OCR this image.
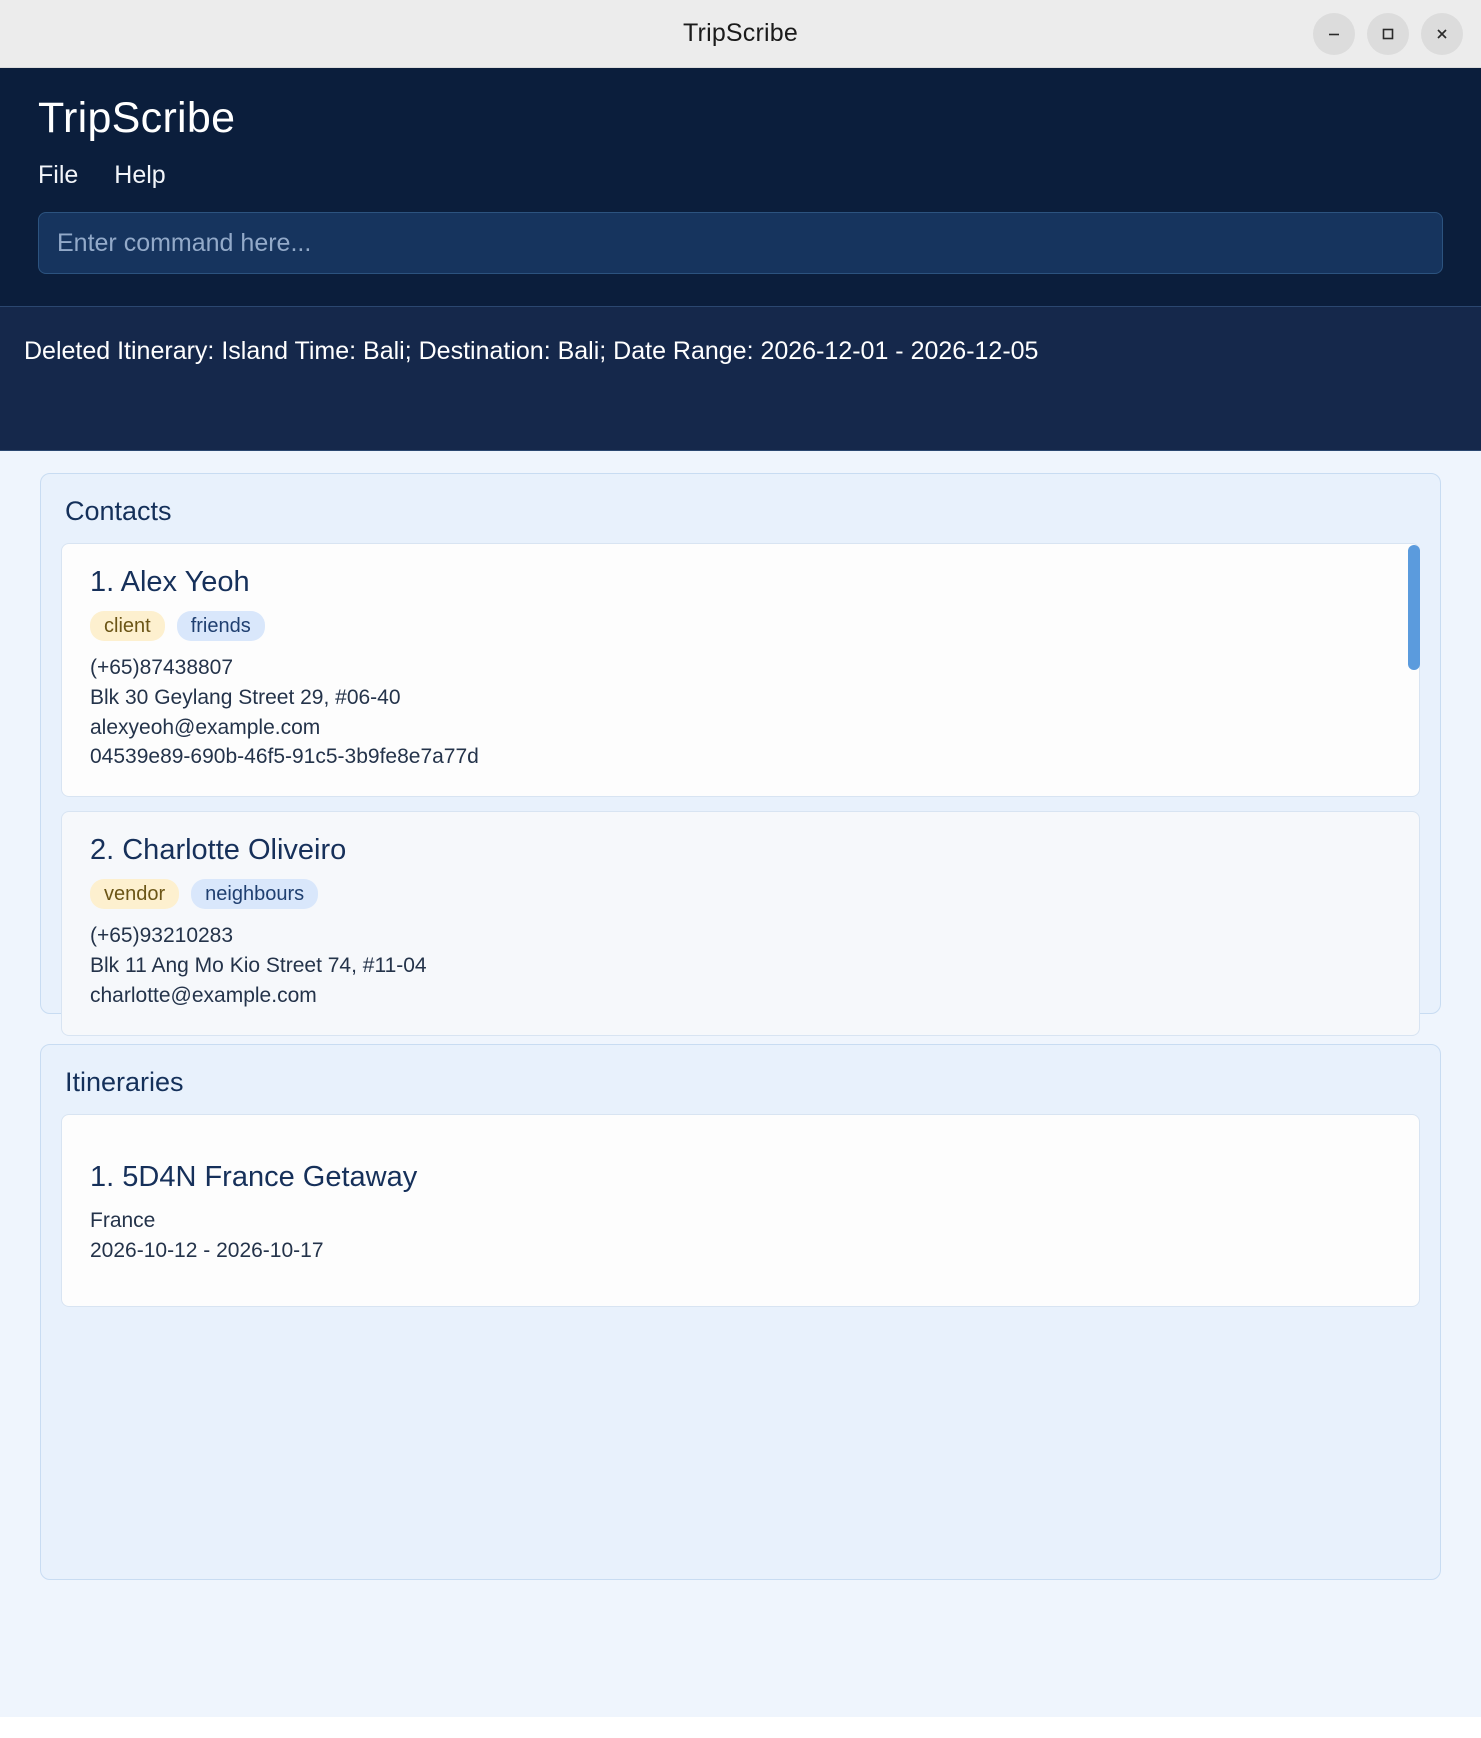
TripScribe
TripScribe
File Help
Enter command here...
Deleted Itinerary: Island Time: Bali; Destination: Bali; Date Range: 2026-12-01 - 2026-12-05
Contacts
1. Alex Yeoh
client	friends
(+65)87438807
Blk 30 Geylang Street 29, #06-40
alexyeoh@example.com
04539e89-690b-46f5-91c5-3b9fe8e7a77d
2. Charlotte Oliveiro
vendor	neighbours
(+65)93210283
Blk 11 Ang Mo Kio Street 74, #11-04
charlotte@example.com
Itineraries
1. 5D4N France Getaway
France
2026-10-12 - 2026-10-17
